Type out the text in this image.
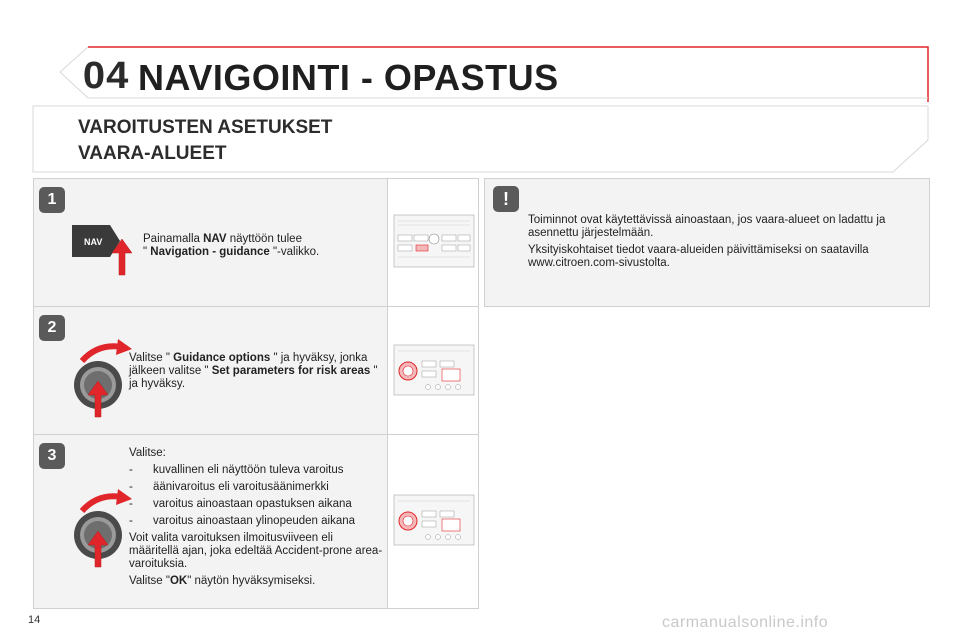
04 NAVIGOINTI - OPASTUS
VAROITUSTEN ASETUKSET
VAARA-ALUEET
1
NAV	Painamalla NAV näyttöön tulee
" Navigation - guidance "-valikko.
2
Valitse " Guidance options " ja hyväksy, jonka jälkeen valitse " Set parameters for risk areas " ja hyväksy.
3	Valitse:

- kuvallinen eli näyttöön tuleva varoitus
- äänivaroitus eli varoitusäänimerkki
- varoitus ainoastaan opastuksen aikana
- varoitus ainoastaan ylinopeuden aikana

Voit valita varoituksen ilmoitusviiveen eli määritellä ajan, joka edeltää Accident-prone area-varoituksia.

Valitse "OK" näytön hyväksymiseksi.

!

Toiminnot ovat käytettävissä ainoastaan, jos vaara-alueet on ladattu ja asennettu järjestelmään.

Yksityiskohtaiset tiedot vaara-alueiden päivittämiseksi on saatavilla www.citroen.com-sivustolta.

14	carmanualsonline.info
